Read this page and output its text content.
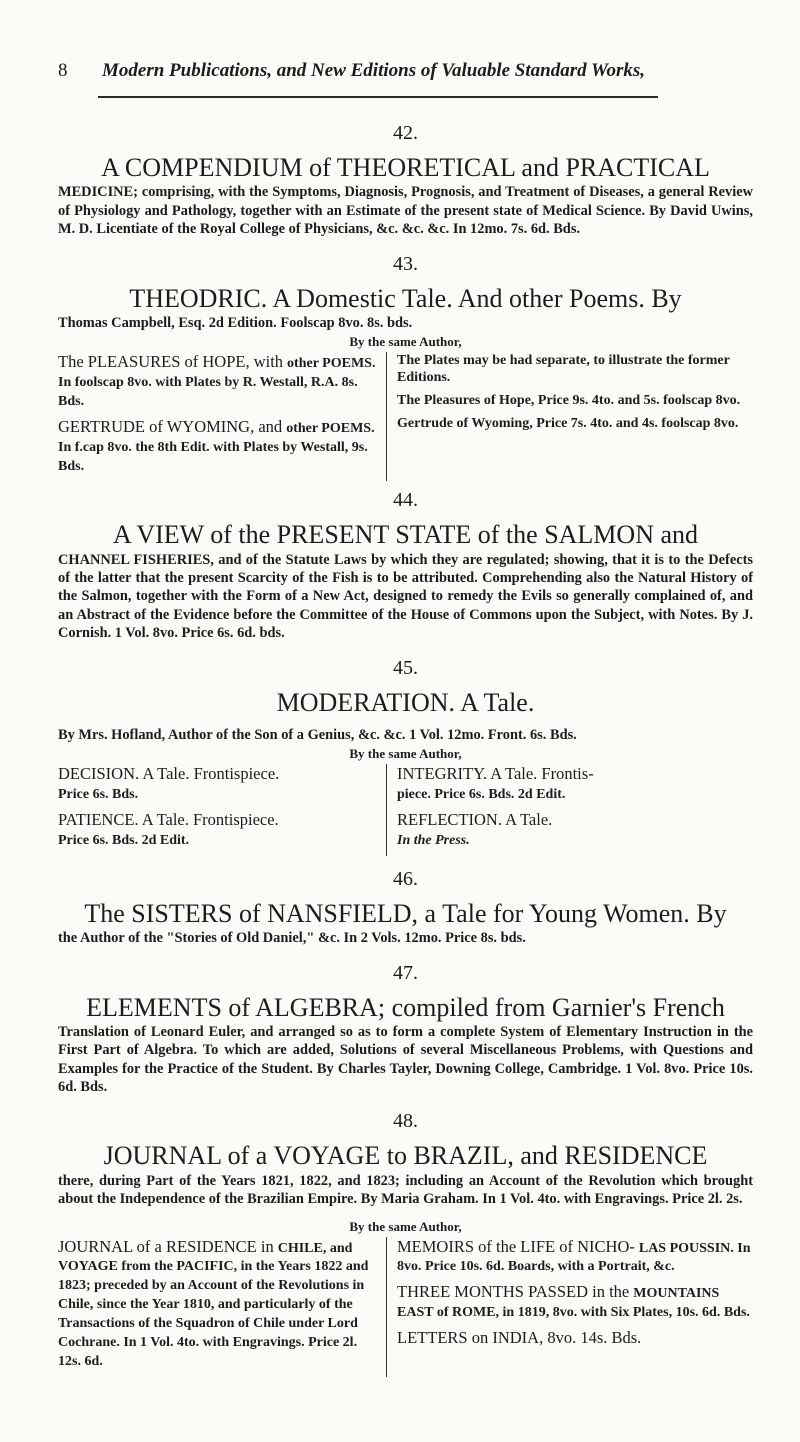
8	Modern Publications, and New Editions of Valuable Standard Works,

42.

A COMPENDIUM of THEORETICAL and PRACTICAL

MEDICINE; comprising, with the Symptoms, Diagnosis, Prognosis, and Treatment of Diseases, a general Review of Physiology and Pathology, together with an Estimate of the present state of Medical Science. By David Uwins, M. D. Licentiate of the Royal College of Physicians, &c. &c. &c. In 12mo. 7s. 6d. Bds.

43.

THEODRIC. A Domestic Tale. And other Poems. By

Thomas Campbell, Esq. 2d Edition. Foolscap 8vo. 8s. bds.

By the same Author,

The PLEASURES of HOPE, with other POEMS. In foolscap 8vo. with Plates by R. Westall, R.A. 8s. Bds.

GERTRUDE of WYOMING, and other POEMS. In f.cap 8vo. the 8th Edit. with Plates by Westall, 9s. Bds.

The Plates may be had separate, to illustrate the former Editions.

The Pleasures of Hope, Price 9s. 4to. and 5s. foolscap 8vo.

Gertrude of Wyoming, Price 7s. 4to. and 4s. foolscap 8vo.

44.

A VIEW of the PRESENT STATE of the SALMON and

CHANNEL FISHERIES, and of the Statute Laws by which they are regulated; showing, that it is to the Defects of the latter that the present Scarcity of the Fish is to be attributed. Comprehending also the Natural History of the Salmon, together with the Form of a New Act, designed to remedy the Evils so generally complained of, and an Abstract of the Evidence before the Committee of the House of Commons upon the Subject, with Notes. By J. Cornish. 1 Vol. 8vo. Price 6s. 6d. bds.

45.

MODERATION. A Tale.

By Mrs. Hofland, Author of the Son of a Genius, &c. &c. 1 Vol. 12mo. Front. 6s. Bds.

By the same Author,

DECISION. A Tale. Frontispiece.
Price 6s. Bds.

PATIENCE. A Tale. Frontispiece.
Price 6s. Bds. 2d Edit.

INTEGRITY. A Tale. Frontis-
piece. Price 6s. Bds. 2d Edit.

REFLECTION. A Tale.
In the Press.

46.

The SISTERS of NANSFIELD, a Tale for Young Women. By

the Author of the "Stories of Old Daniel," &c. In 2 Vols. 12mo. Price 8s. bds.

47.

ELEMENTS of ALGEBRA; compiled from Garnier's French

Translation of Leonard Euler, and arranged so as to form a complete System of Elementary Instruction in the First Part of Algebra. To which are added, Solutions of several Miscellaneous Problems, with Questions and Examples for the Practice of the Student. By Charles Tayler, Downing College, Cambridge. 1 Vol. 8vo. Price 10s. 6d. Bds.

48.

JOURNAL of a VOYAGE to BRAZIL, and RESIDENCE

there, during Part of the Years 1821, 1822, and 1823; including an Account of the Revolution which brought about the Independence of the Brazilian Empire. By Maria Graham. In 1 Vol. 4to. with Engravings. Price 2l. 2s.

By the same Author,

JOURNAL of a RESIDENCE in CHILE, and VOYAGE from the PACIFIC, in the Years 1822 and 1823; preceded by an Account of the Revolutions in Chile, since the Year 1810, and particularly of the Transactions of the Squadron of Chile under Lord Cochrane. In 1 Vol. 4to. with Engravings. Price 2l. 12s. 6d.

MEMOIRS of the LIFE of NICHO- LAS POUSSIN. In 8vo. Price 10s. 6d. Boards, with a Portrait, &c.

THREE MONTHS PASSED in the MOUNTAINS EAST of ROME, in 1819, 8vo. with Six Plates, 10s. 6d. Bds.

LETTERS on INDIA, 8vo. 14s. Bds.
